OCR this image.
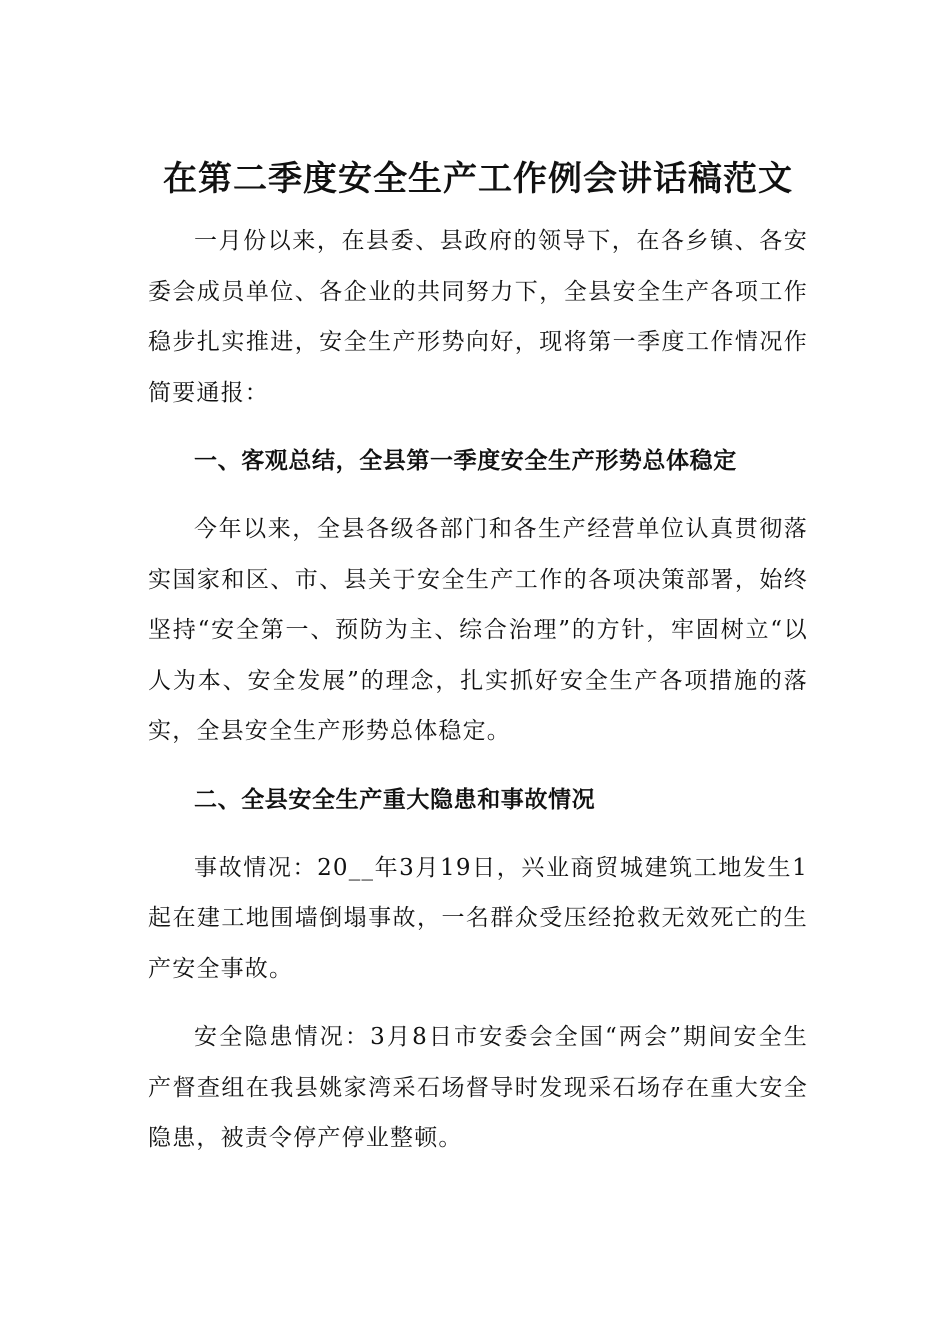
在第二季度安全生产工作例会讲话稿范文

一月份以来，在县委、县政府的领导下，在各乡镇、各安委会成员单位、各企业的共同努力下，全县安全生产各项工作稳步扎实推进，安全生产形势向好，现将第一季度工作情况作简要通报：

一、客观总结，全县第一季度安全生产形势总体稳定

今年以来，全县各级各部门和各生产经营单位认真贯彻落实国家和区、市、县关于安全生产工作的各项决策部署，始终坚持“安全第一、预防为主、综合治理”的方针，牢固树立“以人为本、安全发展”的理念，扎实抓好安全生产各项措施的落实，全县安全生产形势总体稳定。

二、全县安全生产重大隐患和事故情况

事故情况：20__年3月19日，兴业商贸城建筑工地发生1起在建工地围墙倒塌事故，一名群众受压经抢救无效死亡的生产安全事故。

安全隐患情况：3月8日市安委会全国“两会”期间安全生产督查组在我县姚家湾采石场督导时发现采石场存在重大安全隐患，被责令停产停业整顿。
